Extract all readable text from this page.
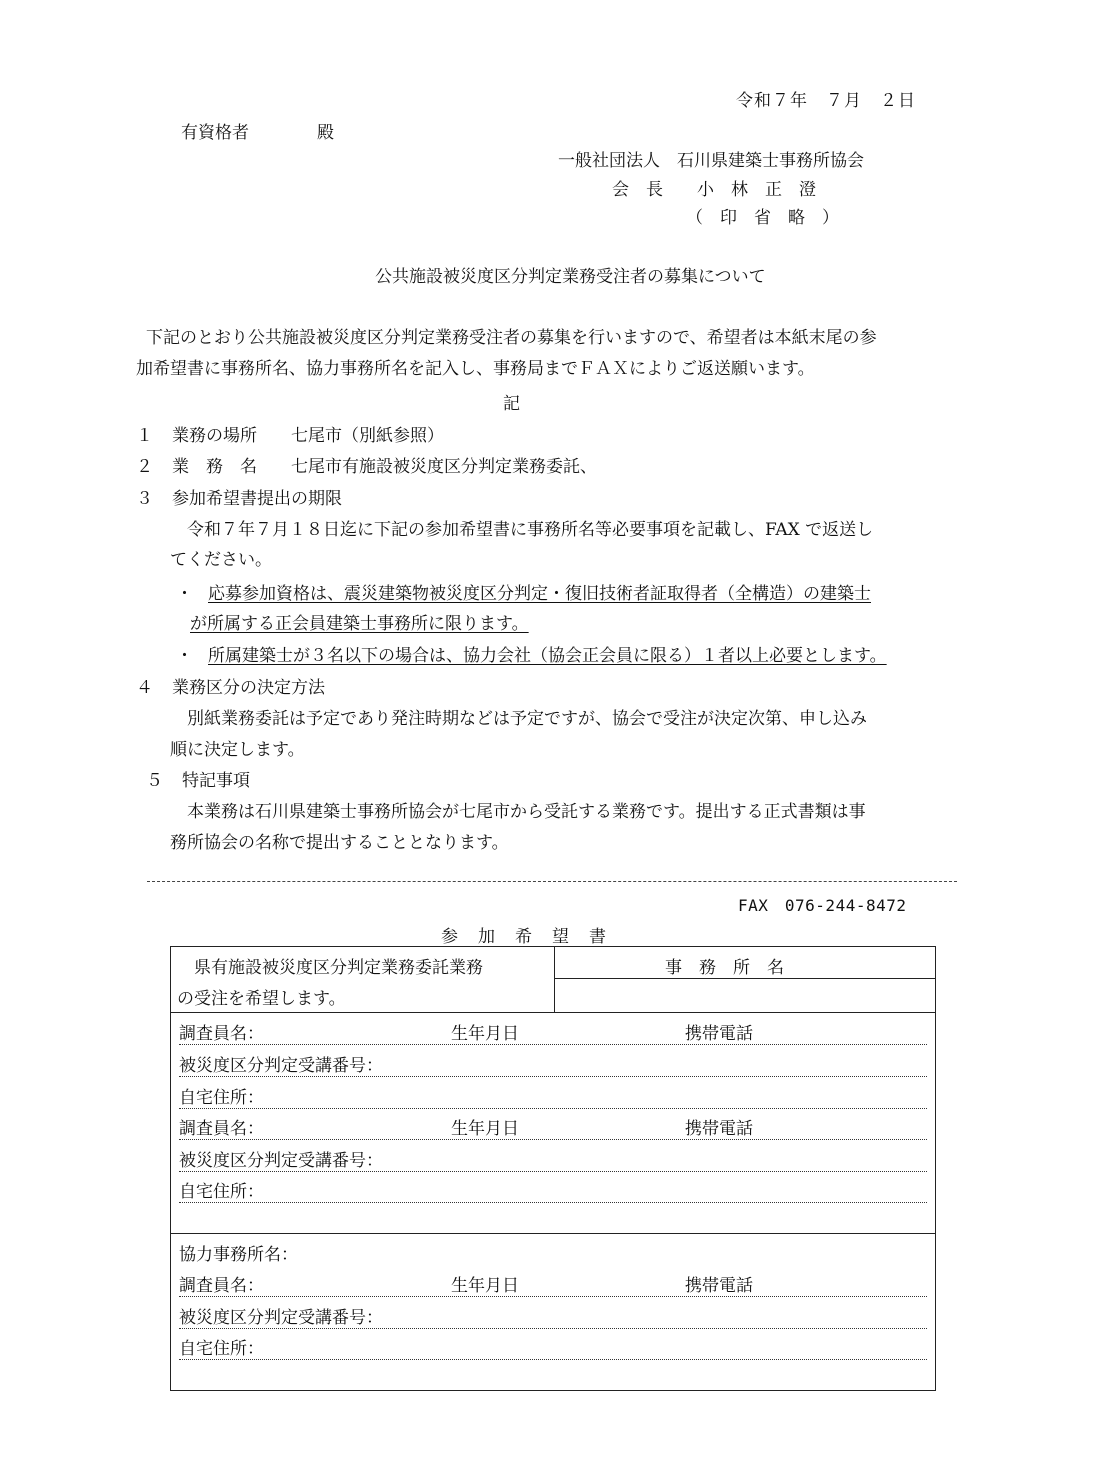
令和７年　７月　２日
有資格者	殿
一般社団法人　石川県建築士事務所協会
会　長　　小　林　正　澄
（　印　省　略　）
公共施設被災度区分判定業務受注者の募集について
下記のとおり公共施設被災度区分判定業務受注者の募集を行いますので、希望者は本紙末尾の参
加希望書に事務所名、協力事務所名を記入し、事務局までＦＡＸによりご返送願います。
記
１ 業務の場所　　七尾市（別紙参照）
２ 業　務　名　　七尾市有施設被災度区分判定業務委託、
３ 参加希望書提出の期限
　令和７年７月１８日迄に下記の参加希望書に事務所名等必要事項を記載し、FAX で返送し
てください。
・ 応募参加資格は、震災建築物被災度区分判定・復旧技術者証取得者（全構造）の建築士
が所属する正会員建築士事務所に限ります。
・ 所属建築士が３名以下の場合は、協力会社（協会正会員に限る）１者以上必要とします。
４ 業務区分の決定方法
　別紙業務委託は予定であり発注時期などは予定ですが、協会で受注が決定次第、申し込み
順に決定します。
５ 特記事項
　本業務は石川県建築士事務所協会が七尾市から受託する業務です。提出する正式書類は事
務所協会の名称で提出することとなります。
FAX　076-244-8472
参加希望書
　県有施設被災度区分判定業務委託業務
の受注を希望します。
事　務　所　名
調査員名：	生年月日	携帯電話
被災度区分判定受講番号：
自宅住所：
調査員名：	生年月日	携帯電話
被災度区分判定受講番号：
自宅住所：
協力事務所名：
調査員名：	生年月日	携帯電話
被災度区分判定受講番号：
自宅住所：
